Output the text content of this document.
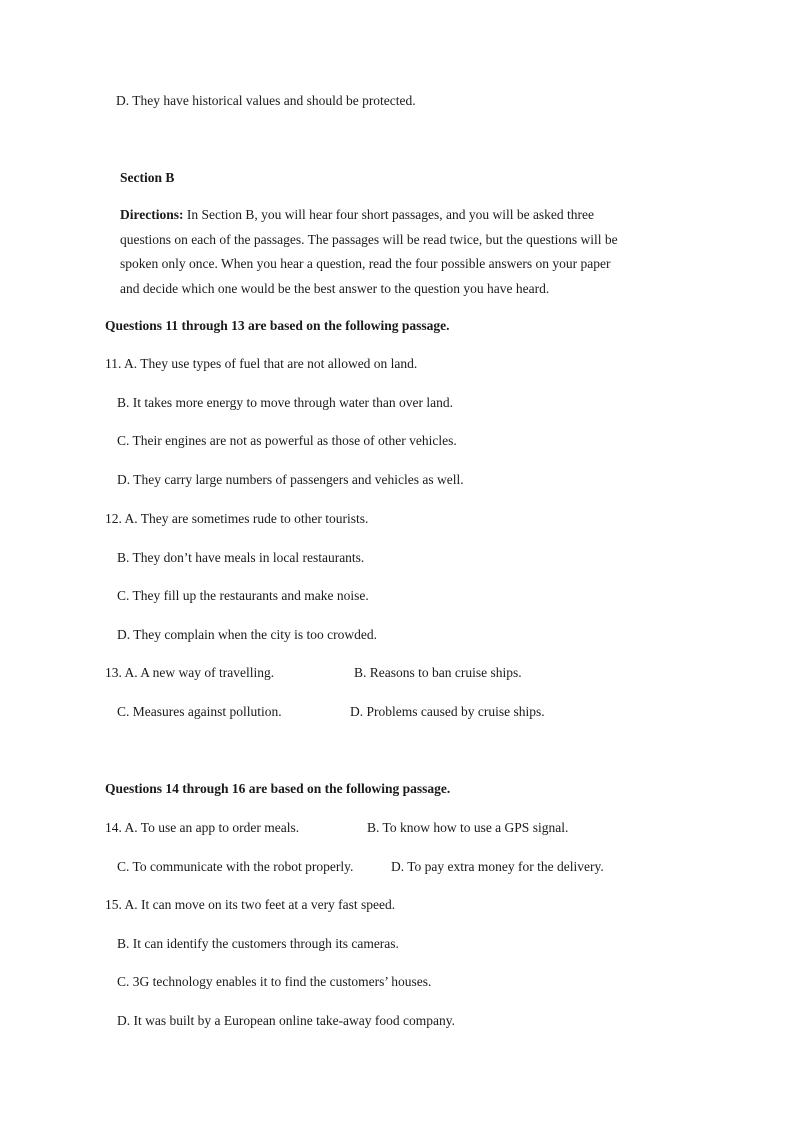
D. They have historical values and should be protected.
Section B
Directions: In Section B, you will hear four short passages, and you will be asked three questions on each of the passages. The passages will be read twice, but the questions will be spoken only once. When you hear a question, read the four possible answers on your paper and decide which one would be the best answer to the question you have heard.
Questions 11 through 13 are based on the following passage.
11. A. They use types of fuel that are not allowed on land.
B. It takes more energy to move through water than over land.
C. Their engines are not as powerful as those of other vehicles.
D. They carry large numbers of passengers and vehicles as well.
12. A. They are sometimes rude to other tourists.
B. They don’t have meals in local restaurants.
C. They fill up the restaurants and make noise.
D. They complain when the city is too crowded.
13. A. A new way of travelling.	B. Reasons to ban cruise ships.
C. Measures against pollution.	D. Problems caused by cruise ships.
Questions 14 through 16 are based on the following passage.
14. A. To use an app to order meals.	B. To know how to use a GPS signal.
C. To communicate with the robot properly.	D. To pay extra money for the delivery.
15. A. It can move on its two feet at a very fast speed.
B. It can identify the customers through its cameras.
C. 3G technology enables it to find the customers’ houses.
D. It was built by a European online take-away food company.
